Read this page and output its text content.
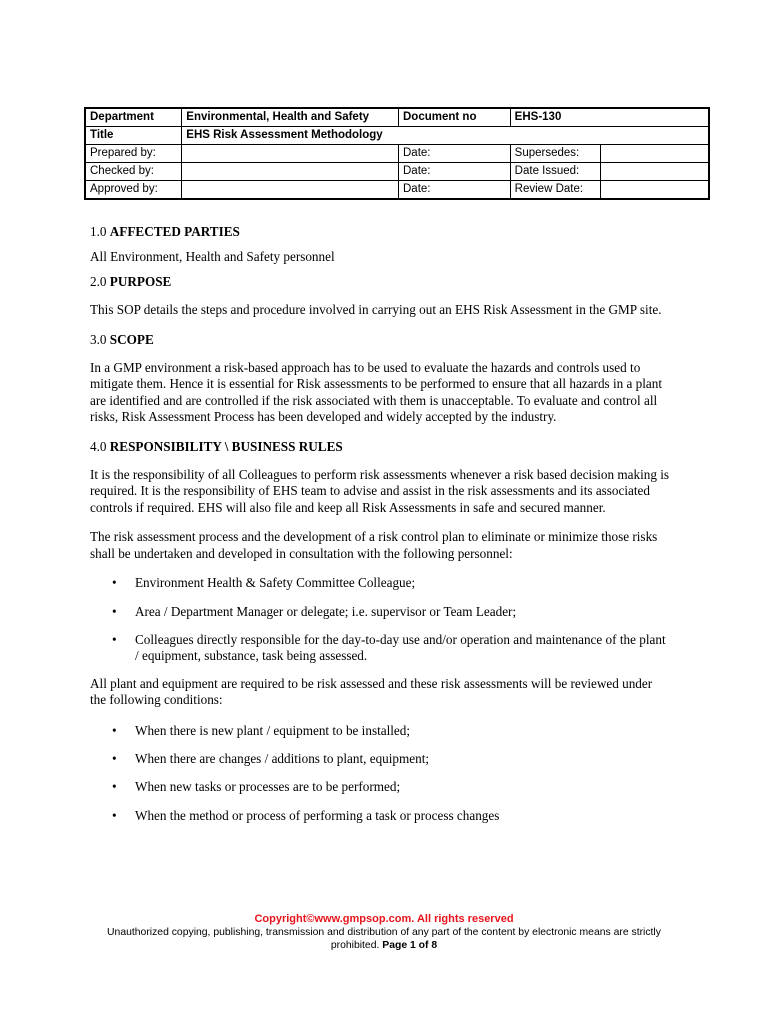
Department	Environmental, Health and Safety	Document no	EHS-130	
Title	EHS Risk Assessment Methodology			
Prepared by:		Date:	Supersedes:	
Checked by:		Date:	Date Issued:	
Approved by:		Date:	Review Date:	

1.0 AFFECTED PARTIES

All Environment, Health and Safety personnel

2.0 PURPOSE

This SOP details the steps and procedure involved in carrying out an EHS Risk Assessment in the GMP site.

3.0 SCOPE

In a GMP environment a risk-based approach has to be used to evaluate the hazards and controls used to mitigate them. Hence it is essential for Risk assessments to be performed to ensure that all hazards in a plant are identified and are controlled if the risk associated with them is unacceptable. To evaluate and control all risks, Risk Assessment Process has been developed and widely accepted by the industry.

4.0 RESPONSIBILITY \ BUSINESS RULES

It is the responsibility of all Colleagues to perform risk assessments whenever a risk based decision making is required. It is the responsibility of EHS team to advise and assist in the risk assessments and its associated controls if required. EHS will also file and keep all Risk Assessments in safe and secured manner.

The risk assessment process and the development of a risk control plan to eliminate or minimize those risks shall be undertaken and developed in consultation with the following personnel:

• Environment Health & Safety Committee Colleague;
• Area / Department Manager or delegate; i.e. supervisor or Team Leader;
• Colleagues directly responsible for the day-to-day use and/or operation and maintenance of the plant / equipment, substance, task being assessed.

All plant and equipment are required to be risk assessed and these risk assessments will be reviewed under the following conditions:

• When there is new plant / equipment to be installed;
• When there are changes / additions to plant, equipment;
• When new tasks or processes are to be performed;
• When the method or process of performing a task or process changes
Copyright©www.gmpsop.com. All rights reserved
Unauthorized copying, publishing, transmission and distribution of any part of the content by electronic means are strictly prohibited. Page 1 of 8
